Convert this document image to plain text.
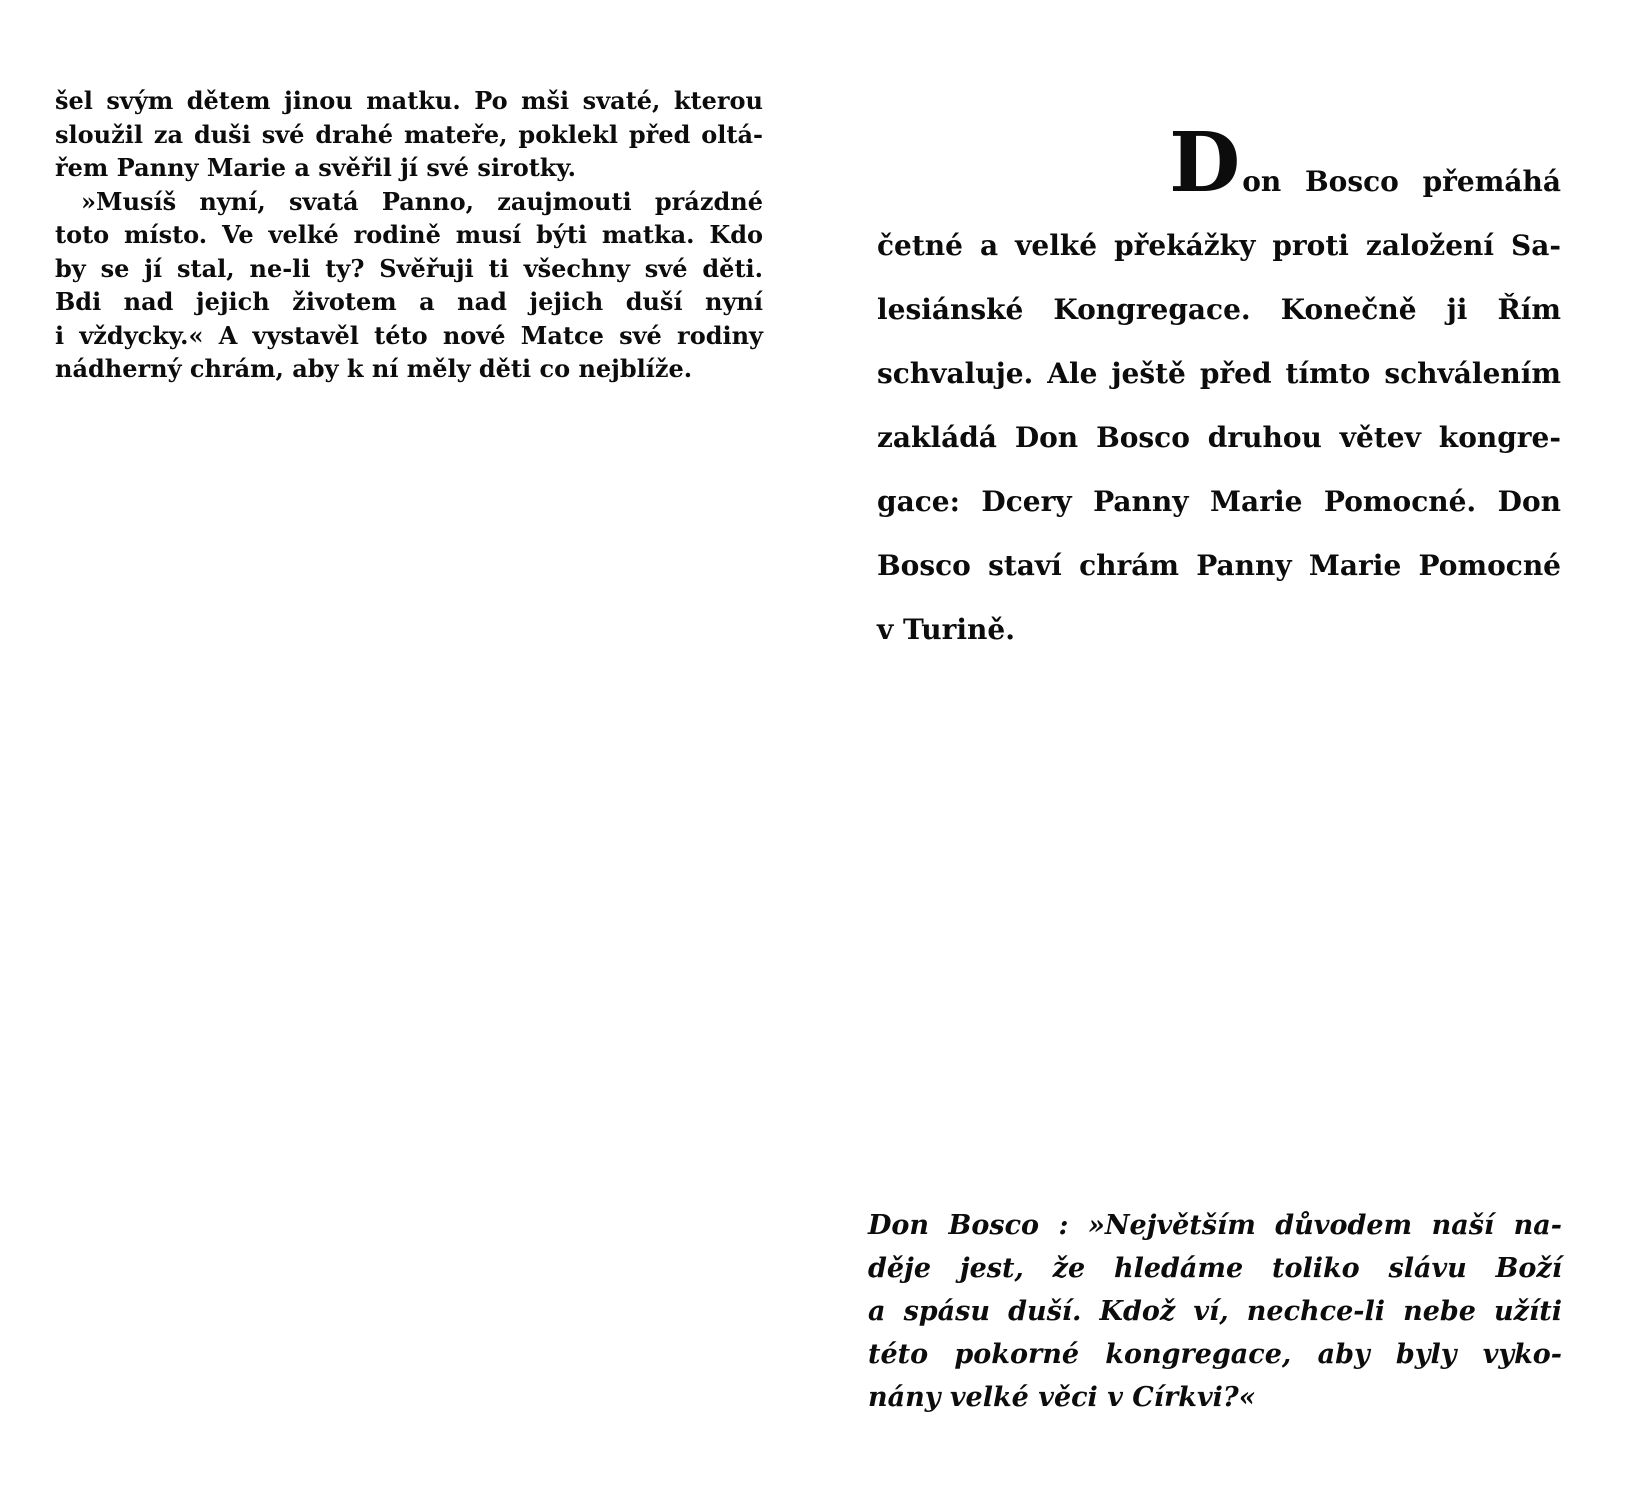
šel svým dětem jinou matku. Po mši svaté, kterou
sloužil za duši své drahé mateře, poklekl před oltá-
řem Panny Marie a svěřil jí své sirotky.
»Musíš nyní, svatá Panno, zaujmouti prázdné
toto místo. Ve velké rodině musí býti matka. Kdo
by se jí stal, ne-li ty? Svěřuji ti všechny své děti.
Bdi nad jejich životem a nad jejich duší nyní
i vždycky.« A vystavěl této nové Matce své rodiny
nádherný chrám, aby k ní měly děti co nejblíže.
Don Bosco přemáhá
četné a velké překážky proti založení Sa-
lesiánské Kongregace. Konečně ji Řím
schvaluje. Ale ještě před tímto schválením
zakládá Don Bosco druhou větev kongre-
gace: Dcery Panny Marie Pomocné. Don
Bosco staví chrám Panny Marie Pomocné
v Turině.
Don Bosco : »Největším důvodem naší na-
děje jest, že hledáme toliko slávu Boží
a spásu duší. Kdož ví, nechce-li nebe užíti
této pokorné kongregace, aby byly vyko-
nány velké věci v Církvi?«
